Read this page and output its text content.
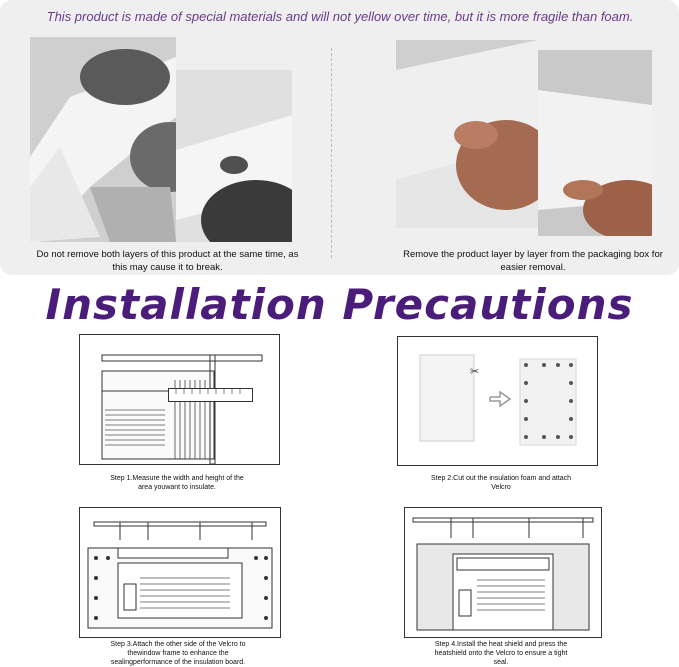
This product is made of special materials and will not yellow over time, but it is more fragile than foam.
Do not remove both layers of this product at the same time, as this may cause it to break.
Remove the product layer by layer from the packaging box for easier removal.
Installation Precautions
Step 1.Measure the width and height of the area youwant to insulate.
✂
Step 2.Cut out the insulation foam and attach Velcro
Step 3.Attach the other side of the Velcro to thewindow frame to enhance the sealingperformance of the insulation board.
Step 4.Install the heat shield and press the heatshield onto the Velcro to ensure a tight seal.
